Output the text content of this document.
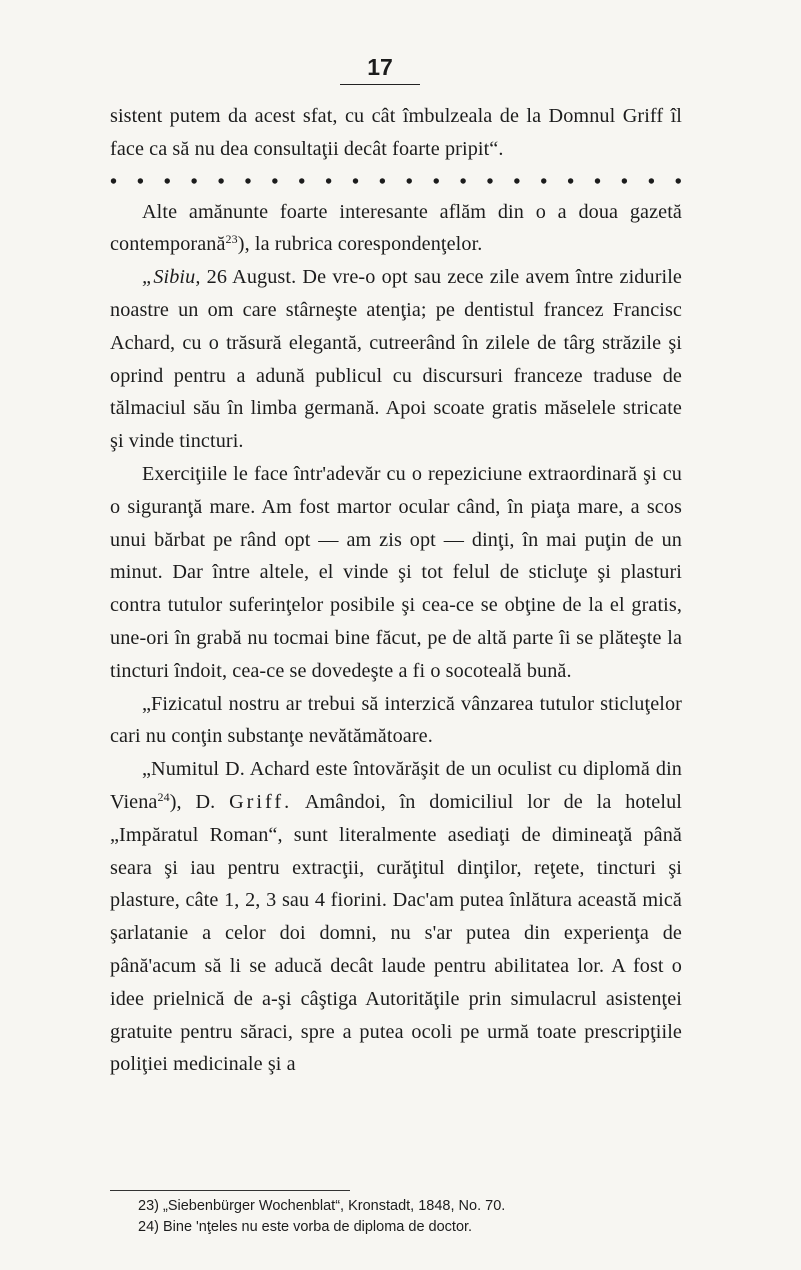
17

sistent putem da acest sfat, cu cât îmbulzeala de la Domnul Griff îl face ca să nu dea consultaţii decât foarte pripit“.

• • • • • • • • • • • • • • • • • • • • • •

Alte amănunte foarte interesante aflăm din o a doua gazetă contemporană$^{23}$), la rubrica corespondenţelor.

„Sibiu, 26 August. De vre-o opt sau zece zile avem între zidurile noastre un om care stârneşte atenţia; pe dentistul francez Francisc Achard, cu o trăsură elegantă, cutreerând în zilele de târg străzile şi oprind pentru a adună publicul cu discursuri franceze traduse de tălmaciul său în limba germană. Apoi scoate gratis măselele stricate şi vinde tincturi.

Exerciţiile le face într'adevăr cu o repeziciune extraordinară şi cu o siguranţă mare. Am fost martor ocular când, în piaţa mare, a scos unui bărbat pe rând opt — am zis opt — dinţi, în mai puţin de un minut. Dar între altele, el vinde şi tot felul de sticluţe şi plasturi contra tutulor suferinţelor posibile şi cea-ce se obţine de la el gratis, une-ori în grabă nu tocmai bine făcut, pe de altă parte îi se plăteşte la tincturi îndoit, cea-ce se dovedeşte a fi o socoteală bună.

„Fizicatul nostru ar trebui să interzică vânzarea tutulor sticluţelor cari nu conţin substanţe nevătămătoare.

„Numitul D. Achard este întovărăşit de un oculist cu diplomă din Viena$^{24}$), D. Griff. Amândoi, în domiciliul lor de la hotelul „Impăratul Roman“, sunt literalmente asediaţi de dimineaţă până seara şi iau pentru extracţii, curăţitul dinţilor, reţete, tincturi şi plasture, câte 1, 2, 3 sau 4 fiorini. Dac'am putea înlătura această mică şarlatanie a celor doi domni, nu s'ar putea din experienţa de până'acum să li se aducă decât laude pentru abilitatea lor. A fost o idee prielnică de a-şi câştiga Autorităţile prin simulacrul asistenţei gratuite pentru săraci, spre a putea ocoli pe urmă toate prescripţiile poliţiei medicinale şi a

23) „Siebenbürger Wochenblat“, Kronstadt, 1848, No. 70.
24) Bine 'nţeles nu este vorba de diploma de doctor.
